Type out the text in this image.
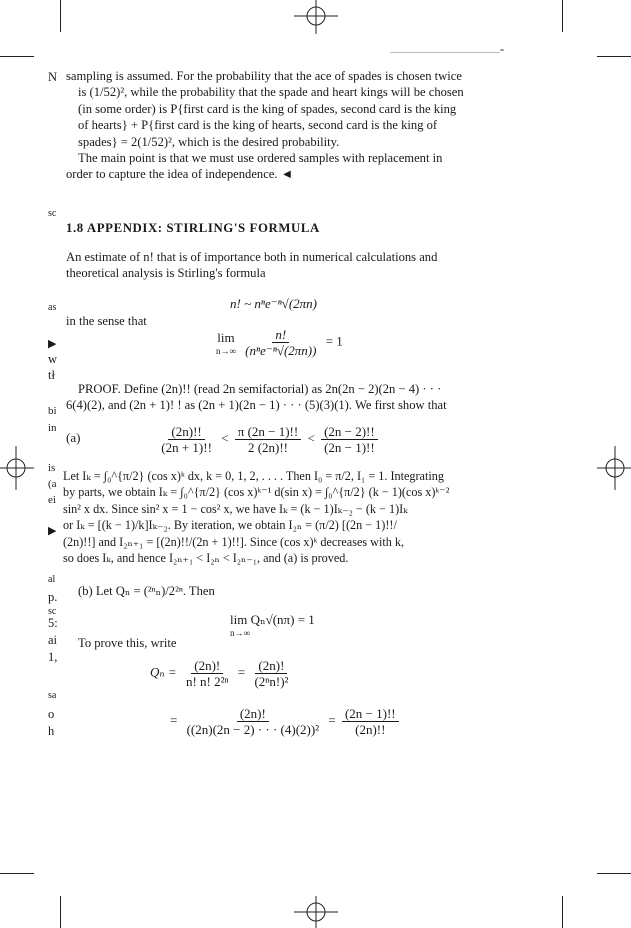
-
N
sc
as
▶
w
tł
bi
in
is
(a
ei
▶
al
p.
sc
5:
ai
1,
sa
o
h
sampling is assumed. For the probability that the ace of spades is chosen twice
is (1/52)², while the probability that the spade and heart kings will be chosen
(in some order) is P{first card is the king of spades, second card is the king
of hearts} + P{first card is the king of hearts, second card is the king of
spades} = 2(1/52)², which is the desired probability.
The main point is that we must use ordered samples with replacement in
order to capture the idea of independence. ◄
1.8 APPENDIX: STIRLING'S FORMULA
An estimate of n! that is of importance both in numerical calculations and
theoretical analysis is Stirling's formula
n! ~ nⁿe⁻ⁿ√(2πn)
in the sense that
lim
n→∞
$\frac{n!}{\text{(nⁿe⁻ⁿ√(2πn))}} = 1$
PROOF. Define (2n)!! (read 2n semifactorial) as 2n(2n − 2)(2n − 4) · · ·
6(4)(2), and (2n + 1)! ! as (2n + 1)(2n − 1) · · · (5)(3)(1). We first show that
(a)	$\frac{(2n)!!}{(2n + 1)!!} < \frac{\pi (2n - 1)!!}{2 (2n)!!} < \frac{(2n - 2)!!}{(2n - 1)!!}$
Let Iₖ = ∫₀^{π/2} (cos x)ᵏ dx, k = 0, 1, 2, . . . . Then I₀ = π/2, I₁ = 1. Integrating
by parts, we obtain Iₖ = ∫₀^{π/2} (cos x)ᵏ⁻¹ d(sin x) = ∫₀^{π/2} (k − 1)(cos x)ᵏ⁻²
sin² x dx. Since sin² x = 1 − cos² x, we have Iₖ = (k − 1)Iₖ₋₂ − (k − 1)Iₖ
or Iₖ = [(k − 1)/k]Iₖ₋₂. By iteration, we obtain I₂ₙ = (π/2) [(2n − 1)!!/
(2n)!!] and I₂ₙ₊₁ = [(2n)!!/(2n + 1)!!]. Since (cos x)ᵏ decreases with k,
so does Iₖ, and hence I₂ₙ₊₁ < I₂ₙ < I₂ₙ₋₁, and (a) is proved.
(b) Let Qₙ = (²ⁿₙ)/2²ⁿ. Then
lim Qₙ√(nπ) = 1
n→∞
To prove this, write
$Q_n = \frac{(2n)!}{\text{n! n! 2²ⁿ}} = \frac{(2n)!}{\text{(2ⁿn!)²}}$
= $\frac{(2n)!}{\text{((2n)(2n − 2) · · · (4)(2))²}} = \frac{(2n - 1)!!}{(2n)!!}$
